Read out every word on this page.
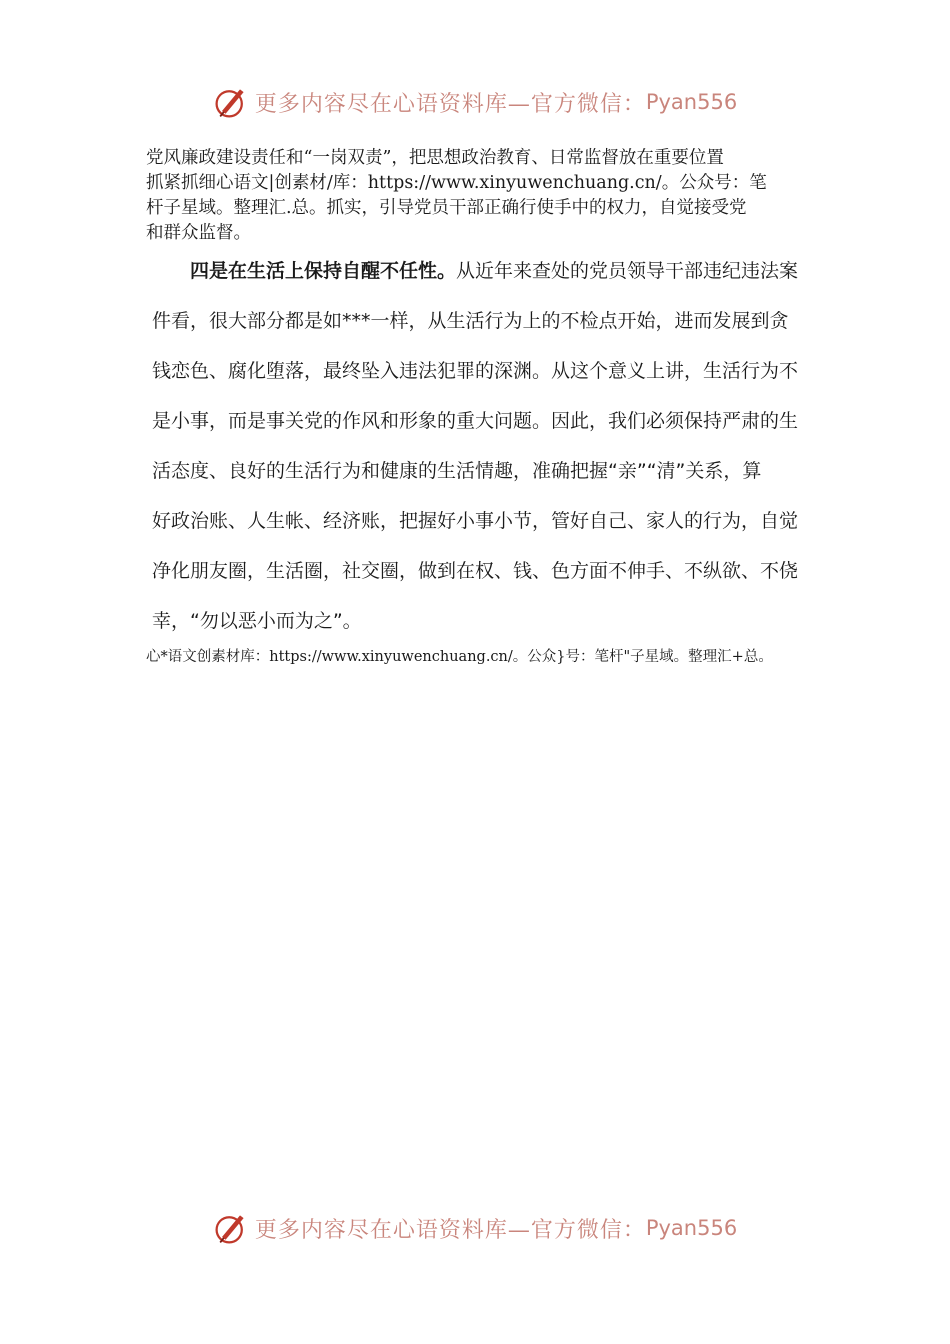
更多内容尽在心语资料库—官方微信： Pyan556
党风廉政建设责任和“一岗双责”，把思想政治教育、日常监督放在重要位置
抓紧抓细心语文|创素材/库：https://www.xinyuwenchuang.cn/。公众号：笔
杆子星域。整理汇.总。抓实，引导党员干部正确行使手中的权力，自觉接受党
和群众监督。
四是在生活上保持自醒不任性。从近年来查处的党员领导干部违纪违法案
件看，很大部分都是如***一样，从生活行为上的不检点开始，进而发展到贪
钱恋色、腐化堕落，最终坠入违法犯罪的深渊。从这个意义上讲，生活行为不
是小事，而是事关党的作风和形象的重大问题。因此，我们必须保持严肃的生
活态度、良好的生活行为和健康的生活情趣，准确把握“亲”“清”关系，算
好政治账、人生帐、经济账，把握好小事小节，管好自己、家人的行为，自觉
净化朋友圈，生活圈，社交圈，做到在权、钱、色方面不伸手、不纵欲、不侥
幸，“勿以恶小而为之”。
心*语文创素材库：https://www.xinyuwenchuang.cn/。公众}号：笔杆"子星域。整理汇+总。
更多内容尽在心语资料库—官方微信： Pyan556
